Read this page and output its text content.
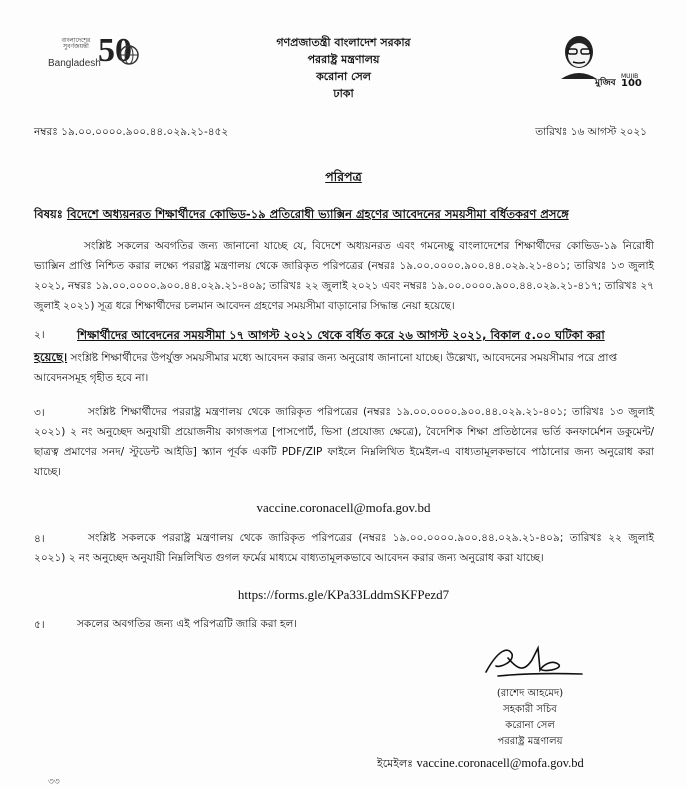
গণপ্রজাতন্ত্রী বাংলাদেশ সরকার
পররাষ্ট্র মন্ত্রণালয়
করোনা সেল
ঢাকা
বাংলাদেশের সুবর্ণজয়ন্তী
Bangladesh
50
মুজিব
MUJIB
100
নম্বরঃ ১৯.০০.০০০০.৯০০.৪৪.০২৯.২১-৪৫২	তারিখঃ ১৬ আগস্ট ২০২১
পরিপত্র
বিষয়ঃ বিদেশে অধ্যয়নরত শিক্ষার্থীদের কোভিড-১৯ প্রতিরোধী ভ্যাক্সিন গ্রহণের আবেদনের সময়সীমা বর্ধিতকরণ প্রসঙ্গে
সংশ্লিষ্ট সকলের অবগতির জন্য জানানো যাচ্ছে যে, বিদেশে অধ্যয়নরত এবং গমনেচ্ছু বাংলাদেশের শিক্ষার্থীদের কোভিড-১৯ নিরোধী ভ্যাক্সিন প্রাপ্তি নিশ্চিত করার লক্ষ্যে পররাষ্ট্র মন্ত্রণালয় থেকে জারিকৃত পরিপত্রের (নম্বরঃ ১৯.০০.০০০০.৯০০.৪৪.০২৯.২১-৪০১; তারিখঃ ১৩ জুলাই ২০২১, নম্বরঃ ১৯.০০.০০০০.৯০০.৪৪.০২৯.২১-৪০৯; তারিখঃ ২২ জুলাই ২০২১ এবং নম্বরঃ ১৯.০০.০০০০.৯০০.৪৪.০২৯.২১-৪১৭; তারিখঃ ২৭ জুলাই ২০২১) সূত্র ধরে শিক্ষার্থীদের চলমান আবেদন গ্রহণের সময়সীমা বাড়ানোর সিদ্ধান্ত নেয়া হয়েছে।
২।	শিক্ষার্থীদের আবেদনের সময়সীমা ১৭ আগস্ট ২০২১ থেকে বর্ধিত করে ২৬ আগস্ট ২০২১, বিকাল ৫.০০ ঘটিকা করা
হয়েছে। সংশ্লিষ্ট শিক্ষার্থীদের উপর্যুক্ত সময়সীমার মধ্যে আবেদন করার জন্য অনুরোধ জানানো যাচ্ছে। উল্লেখ্য, আবেদনের সময়সীমার পরে প্রাপ্ত আবেদনসমূহ গৃহীত হবে না।
৩।	সংশ্লিষ্ট শিক্ষার্থীদের পররাষ্ট্র মন্ত্রণালয় থেকে জারিকৃত পরিপত্রের (নম্বরঃ ১৯.০০.০০০০.৯০০.৪৪.০২৯.২১-৪০১; তারিখঃ ১৩ জুলাই ২০২১) ২ নং অনুচ্ছেদ অনুযায়ী প্রয়োজনীয় কাগজপত্র [পাসপোর্ট, ভিসা (প্রযোজ্য ক্ষেত্রে), বৈদেশিক শিক্ষা প্রতিষ্ঠানের ভর্তি কনফার্মেশন ডকুমেন্ট/ ছাত্রত্ব প্রমাণের সনদ/ স্টুডেন্ট আইডি] স্ক্যান পূর্বক একটি PDF/ZIP ফাইলে নিম্নলিখিত ইমেইল-এ বাধ্যতামূলকভাবে পাঠানোর জন্য অনুরোধ করা যাচ্ছে।
vaccine.coronacell@mofa.gov.bd
৪।	সংশ্লিষ্ট সকলকে পররাষ্ট্র মন্ত্রণালয় থেকে জারিকৃত পরিপত্রের (নম্বরঃ ১৯.০০.০০০০.৯০০.৪৪.০২৯.২১-৪০৯; তারিখঃ ২২ জুলাই ২০২১) ২ নং অনুচ্ছেদ অনুযায়ী নিম্নলিখিত গুগল ফর্মের মাধ্যমে বাধ্যতামূলকভাবে আবেদন করার জন্য অনুরোধ করা যাচ্ছে।
https://forms.gle/KPa33LddmSKFPezd7
৫।	সকলের অবগতির জন্য এই পরিপত্রটি জারি করা হল।
(রাশেদ আহমেদ)
সহকারী সচিব
করোনা সেল
পররাষ্ট্র মন্ত্রণালয়
ইমেইলঃ vaccine.coronacell@mofa.gov.bd
৩৩
